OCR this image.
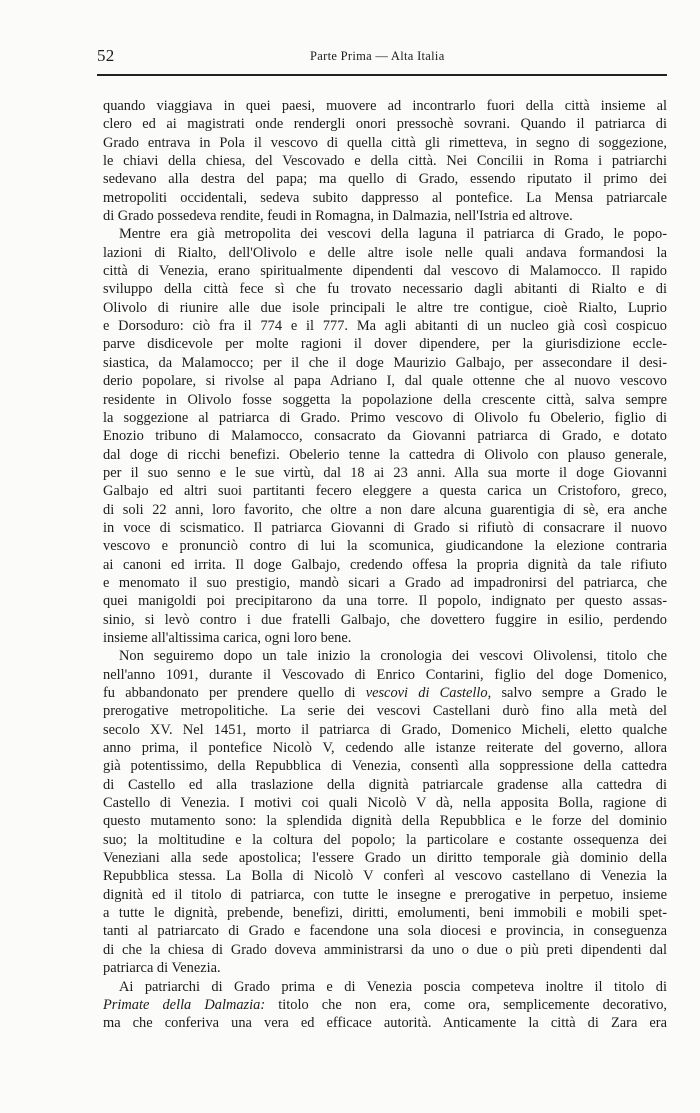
52	Parte Prima — Alta Italia
quando viaggiava in quei paesi, muovere ad incontrarlo fuori della città insieme al
clero ed ai magistrati onde rendergli onori pressochè sovrani. Quando il patriarca di
Grado entrava in Pola il vescovo di quella città gli rimetteva, in segno di soggezione,
le chiavi della chiesa, del Vescovado e della città. Nei Concilii in Roma i patriarchi
sedevano alla destra del papa; ma quello di Grado, essendo riputato il primo dei
metropoliti occidentali, sedeva subito dappresso al pontefice. La Mensa patriarcale
di Grado possedeva rendite, feudi in Romagna, in Dalmazia, nell'Istria ed altrove.
Mentre era già metropolita dei vescovi della laguna il patriarca di Grado, le popo-
lazioni di Rialto, dell'Olivolo e delle altre isole nelle quali andava formandosi la
città di Venezia, erano spiritualmente dipendenti dal vescovo di Malamocco. Il rapido
sviluppo della città fece sì che fu trovato necessario dagli abitanti di Rialto e di
Olivolo di riunire alle due isole principali le altre tre contigue, cioè Rialto, Luprio
e Dorsoduro: ciò fra il 774 e il 777. Ma agli abitanti di un nucleo già così cospicuo
parve disdicevole per molte ragioni il dover dipendere, per la giurisdizione eccle-
siastica, da Malamocco; per il che il doge Maurizio Galbajo, per assecondare il desi-
derio popolare, si rivolse al papa Adriano I, dal quale ottenne che al nuovo vescovo
residente in Olivolo fosse soggetta la popolazione della crescente città, salva sempre
la soggezione al patriarca di Grado. Primo vescovo di Olivolo fu Obelerio, figlio di
Enozio tribuno di Malamocco, consacrato da Giovanni patriarca di Grado, e dotato
dal doge di ricchi benefizi. Obelerio tenne la cattedra di Olivolo con plauso generale,
per il suo senno e le sue virtù, dal 18 ai 23 anni. Alla sua morte il doge Giovanni
Galbajo ed altri suoi partitanti fecero eleggere a questa carica un Cristoforo, greco,
di soli 22 anni, loro favorito, che oltre a non dare alcuna guarentigia di sè, era anche
in voce di scismatico. Il patriarca Giovanni di Grado si rifiutò di consacrare il nuovo
vescovo e pronunciò contro di lui la scomunica, giudicandone la elezione contraria
ai canoni ed irrita. Il doge Galbajo, credendo offesa la propria dignità da tale rifiuto
e menomato il suo prestigio, mandò sicari a Grado ad impadronirsi del patriarca, che
quei manigoldi poi precipitarono da una torre. Il popolo, indignato per questo assas-
sinio, si levò contro i due fratelli Galbajo, che dovettero fuggire in esilio, perdendo
insieme all'altissima carica, ogni loro bene.
Non seguiremo dopo un tale inizio la cronologia dei vescovi Olivolensi, titolo che
nell'anno 1091, durante il Vescovado di Enrico Contarini, figlio del doge Domenico,
fu abbandonato per prendere quello di vescovi di Castello, salvo sempre a Grado le
prerogative metropolitiche. La serie dei vescovi Castellani durò fino alla metà del
secolo XV. Nel 1451, morto il patriarca di Grado, Domenico Micheli, eletto qualche
anno prima, il pontefice Nicolò V, cedendo alle istanze reiterate del governo, allora
già potentissimo, della Repubblica di Venezia, consentì alla soppressione della cattedra
di Castello ed alla traslazione della dignità patriarcale gradense alla cattedra di
Castello di Venezia. I motivi coi quali Nicolò V dà, nella apposita Bolla, ragione di
questo mutamento sono: la splendida dignità della Repubblica e le forze del dominio
suo; la moltitudine e la coltura del popolo; la particolare e costante ossequenza dei
Veneziani alla sede apostolica; l'essere Grado un diritto temporale già dominio della
Repubblica stessa. La Bolla di Nicolò V conferì al vescovo castellano di Venezia la
dignità ed il titolo di patriarca, con tutte le insegne e prerogative in perpetuo, insieme
a tutte le dignità, prebende, benefizi, diritti, emolumenti, beni immobili e mobili spet-
tanti al patriarcato di Grado e facendone una sola diocesi e provincia, in conseguenza
di che la chiesa di Grado doveva amministrarsi da uno o due o più preti dipendenti dal
patriarca di Venezia.
Ai patriarchi di Grado prima e di Venezia poscia competeva inoltre il titolo di
Primate della Dalmazia: titolo che non era, come ora, semplicemente decorativo,
ma che conferiva una vera ed efficace autorità. Anticamente la città di Zara era
